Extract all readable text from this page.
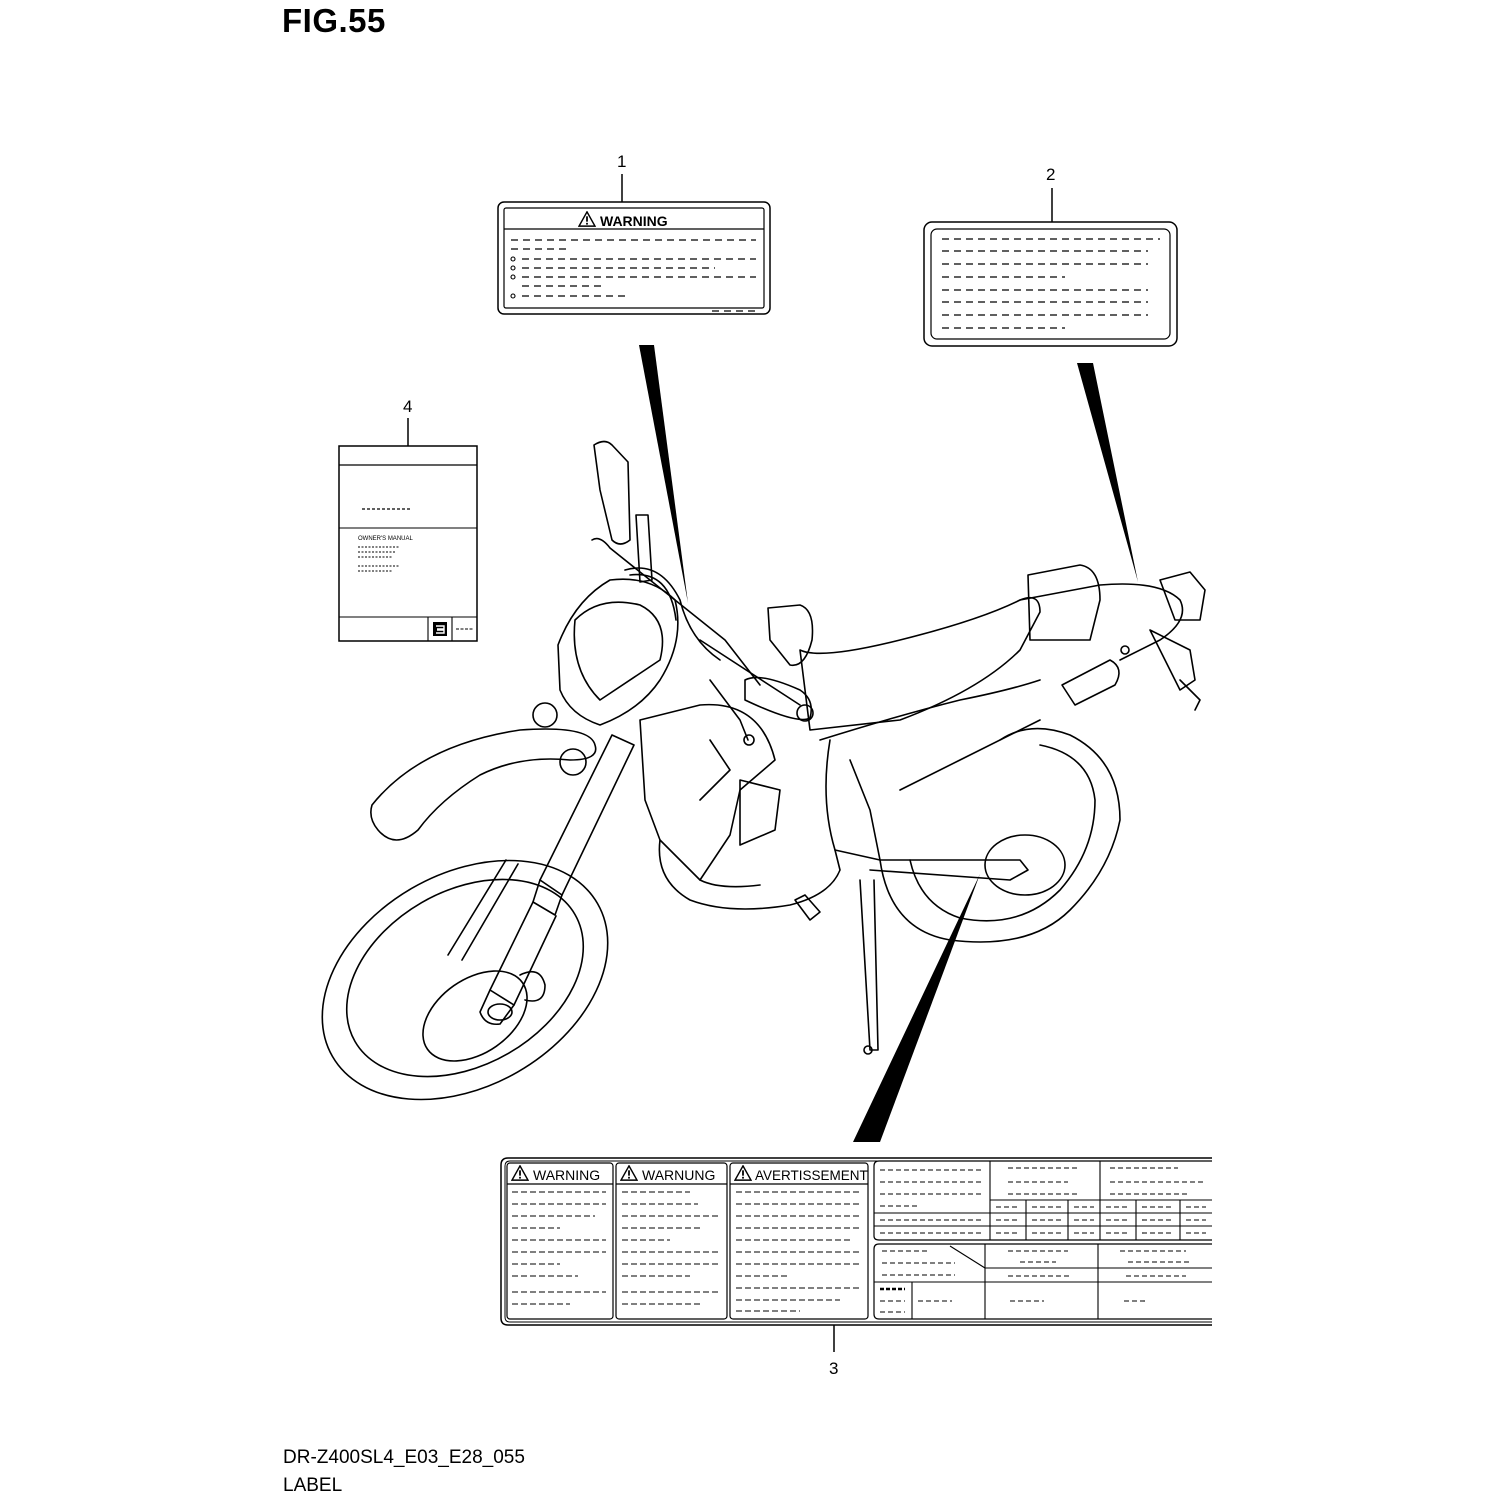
FIG.55
1
2
3
4
WARNING
OWNER'S MANUAL
WARNING	WARNUNG	AVERTISSEMENT
DR-Z400SL4_E03_E28_055
LABEL
